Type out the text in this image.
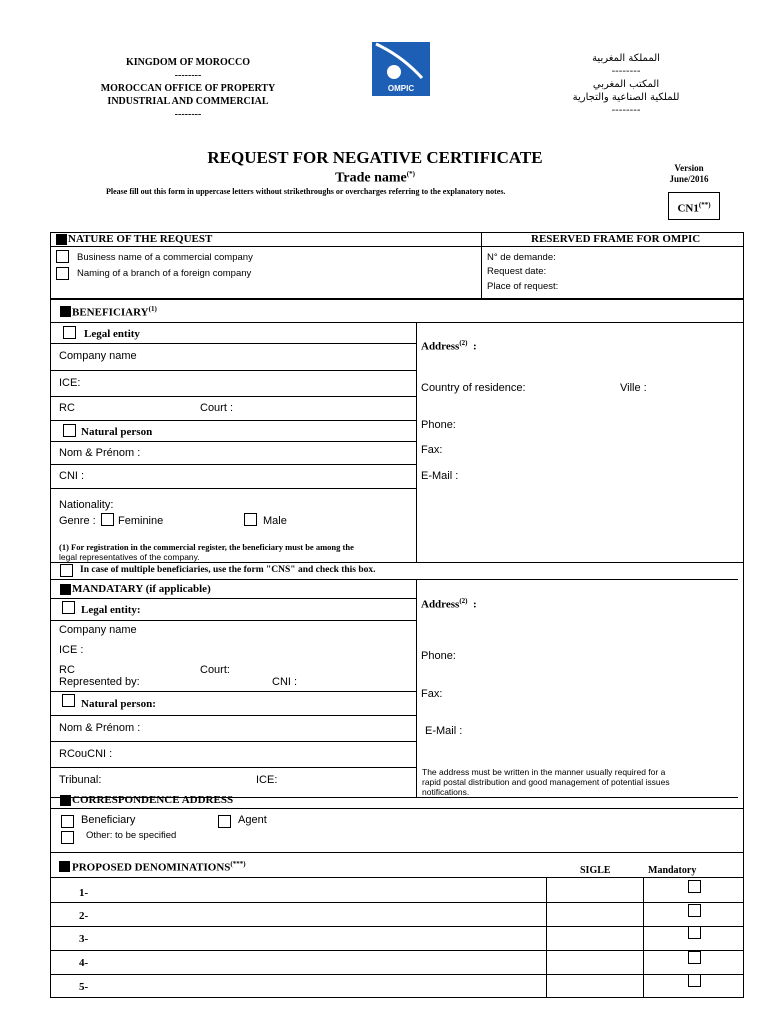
KINGDOM OF MOROCCO
--------
MOROCCAN OFFICE OF PROPERTY
INDUSTRIAL AND COMMERCIAL
--------
OMPIC
المملكة المغربية
--------
المكتب المغربي
للملكية الصناعية والتجارية
--------
REQUEST FOR NEGATIVE CERTIFICATE
Trade name(*)
Please fill out this form in uppercase letters without strikethroughs or overcharges referring to the explanatory notes.
Version
June/2016
CN1(**)
NATURE OF THE REQUEST	RESERVED FRAME FOR OMPIC
Business name of a commercial company
Naming of a branch of a foreign company
N° de demande:
Request date:
Place of request:
BENEFICIARY$^{(1)}$
Legal entity
Company name
ICE:
RC	Court :
Natural person
Nom & Prénom :
CNI :
Nationality:
Genre : Feminine	Male
(1) For registration in the commercial register, the beneficiary must be among the
legal representatives of the company.
In case of multiple beneficiaries, use the form "CNS" and check this box.
Address$^{(2)}$ :
Country of residence:	Ville :
Phone:
Fax:
E-Mail :
MANDATARY (if applicable)
Legal entity:
Company name
ICE :
RC	Court:
Represented by:	CNI :
Natural person:
Nom & Prénom :
RCouCNI :
Tribunal:	ICE:
Address$^{(2)}$ :
Phone:
Fax:
E-Mail :
The address must be written in the manner usually required for a
rapid postal distribution and good management of potential issues
notifications.
CORRESPONDENCE ADDRESS
Beneficiary	Agent
Other: to be specified
PROPOSED DENOMINATIONS(***)
SIGLE	Mandatory
1-
2-
3-
4-
5-
